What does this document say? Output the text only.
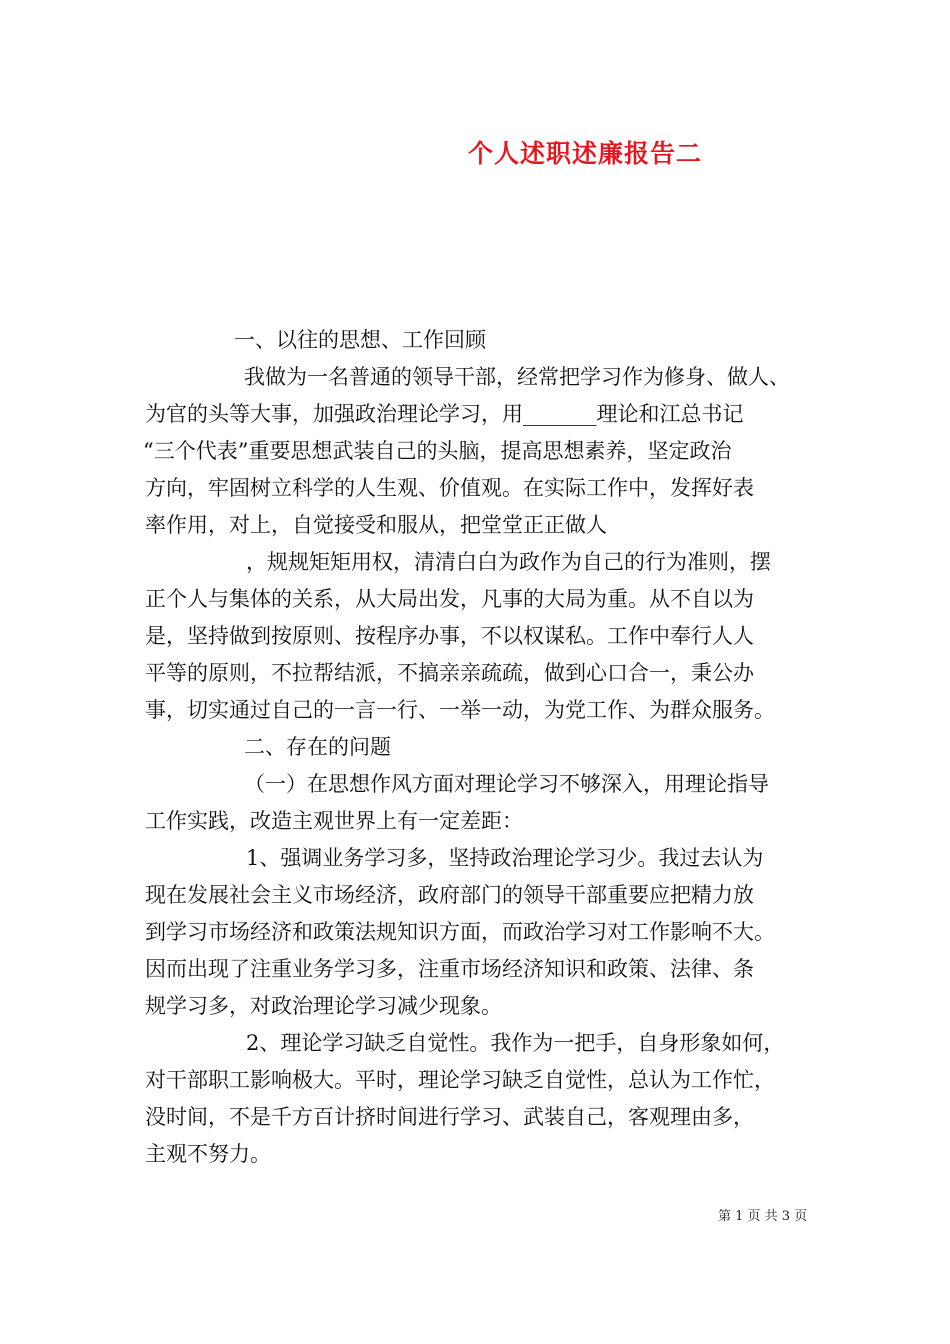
个人述职述廉报告二
一、以往的思想、工作回顾
我做为一名普通的领导干部，经常把学习作为修身、做人、
为官的头等大事，加强政治理论学习，用_______理论和江总书记
“三个代表”重要思想武装自己的头脑，提高思想素养，坚定政治
方向，牢固树立科学的人生观、价值观。在实际工作中，发挥好表
率作用，对上，自觉接受和服从，把堂堂正正做人
，规规矩矩用权，清清白白为政作为自己的行为准则，摆
正个人与集体的关系，从大局出发，凡事的大局为重。从不自以为
是，坚持做到按原则、按程序办事，不以权谋私。工作中奉行人人
平等的原则，不拉帮结派，不搞亲亲疏疏，做到心口合一，秉公办
事，切实通过自己的一言一行、一举一动，为党工作、为群众服务。
二、存在的问题
（一）在思想作风方面对理论学习不够深入，用理论指导
工作实践，改造主观世界上有一定差距：
1、强调业务学习多，坚持政治理论学习少。我过去认为
现在发展社会主义市场经济，政府部门的领导干部重要应把精力放
到学习市场经济和政策法规知识方面，而政治学习对工作影响不大。
因而出现了注重业务学习多，注重市场经济知识和政策、法律、条
规学习多，对政治理论学习减少现象。
2、理论学习缺乏自觉性。我作为一把手，自身形象如何，
对干部职工影响极大。平时，理论学习缺乏自觉性，总认为工作忙，
没时间，不是千方百计挤时间进行学习、武装自己，客观理由多，
主观不努力。
第 1 页 共 3 页
